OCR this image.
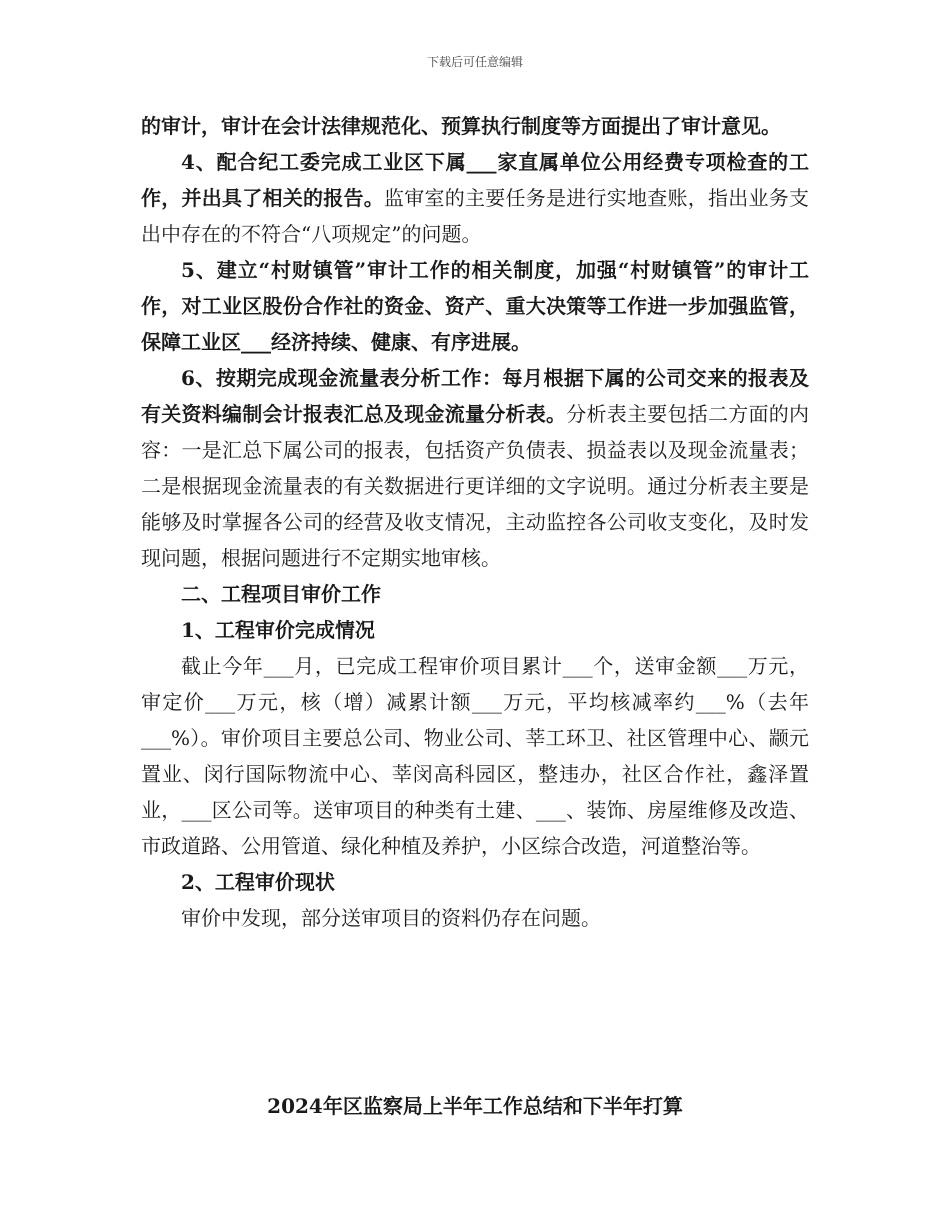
下载后可任意编辑

的审计，审计在会计法律规范化、预算执行制度等方面提出了审计意见。

4、配合纪工委完成工业区下属___家直属单位公用经费专项检查的工作，并出具了相关的报告。监审室的主要任务是进行实地查账，指出业务支出中存在的不符合“八项规定”的问题。

5、建立“村财镇管”审计工作的相关制度，加强“村财镇管”的审计工作，对工业区股份合作社的资金、资产、重大决策等工作进一步加强监管，保障工业区___经济持续、健康、有序进展。

6、按期完成现金流量表分析工作：每月根据下属的公司交来的报表及有关资料编制会计报表汇总及现金流量分析表。分析表主要包括二方面的内容：一是汇总下属公司的报表，包括资产负债表、损益表以及现金流量表；二是根据现金流量表的有关数据进行更详细的文字说明。通过分析表主要是能够及时掌握各公司的经营及收支情况，主动监控各公司收支变化，及时发现问题，根据问题进行不定期实地审核。

二、工程项目审价工作

1、工程审价完成情况

截止今年___月，已完成工程审价项目累计___个，送审金额___万元，审定价___万元，核（增）减累计额___万元，平均核减率约___%（去年___%）。审价项目主要总公司、物业公司、莘工环卫、社区管理中心、颛元置业、闵行国际物流中心、莘闵高科园区，整违办，社区合作社，鑫泽置业，___区公司等。送审项目的种类有土建、___、装饰、房屋维修及改造、市政道路、公用管道、绿化种植及养护，小区综合改造，河道整治等。

2、工程审价现状

审价中发现，部分送审项目的资料仍存在问题。

2024年区监察局上半年工作总结和下半年打算
